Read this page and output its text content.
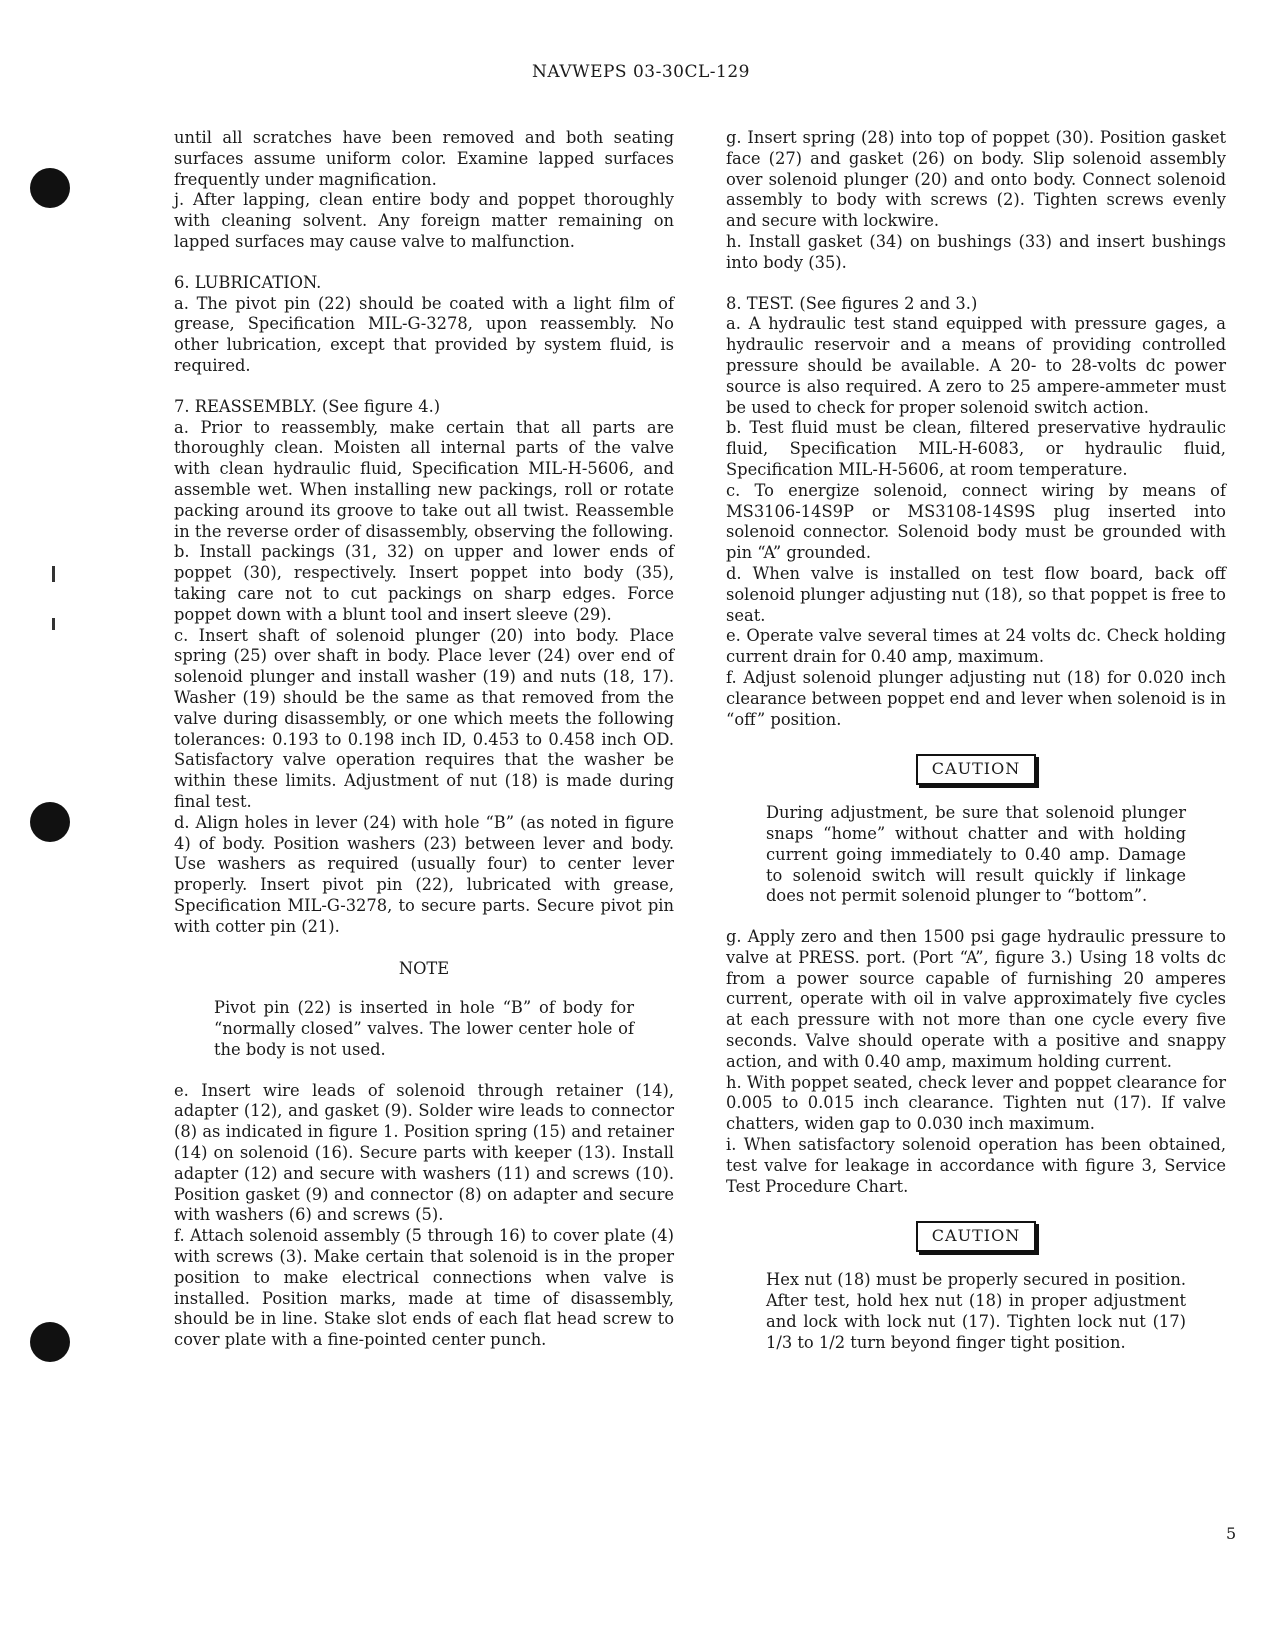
NAVWEPS 03-30CL-129

until all scratches have been removed and both seating surfaces assume uniform color. Examine lapped surfaces frequently under magnification.

j. After lapping, clean entire body and poppet thoroughly with cleaning solvent. Any foreign matter remaining on lapped surfaces may cause valve to malfunction.

6. LUBRICATION.

a. The pivot pin (22) should be coated with a light film of grease, Specification MIL-G-3278, upon reassembly. No other lubrication, except that provided by system fluid, is required.

7. REASSEMBLY. (See figure 4.)

a. Prior to reassembly, make certain that all parts are thoroughly clean. Moisten all internal parts of the valve with clean hydraulic fluid, Specification MIL-H-5606, and assemble wet. When installing new packings, roll or rotate packing around its groove to take out all twist. Reassemble in the reverse order of disassembly, observing the following.

b. Install packings (31, 32) on upper and lower ends of poppet (30), respectively. Insert poppet into body (35), taking care not to cut packings on sharp edges. Force poppet down with a blunt tool and insert sleeve (29).

c. Insert shaft of solenoid plunger (20) into body. Place spring (25) over shaft in body. Place lever (24) over end of solenoid plunger and install washer (19) and nuts (18, 17). Washer (19) should be the same as that removed from the valve during disassembly, or one which meets the following tolerances: 0.193 to 0.198 inch ID, 0.453 to 0.458 inch OD. Satisfactory valve operation requires that the washer be within these limits. Adjustment of nut (18) is made during final test.

d. Align holes in lever (24) with hole “B” (as noted in figure 4) of body. Position washers (23) between lever and body. Use washers as required (usually four) to center lever properly. Insert pivot pin (22), lubricated with grease, Specification MIL-G-3278, to secure parts. Secure pivot pin with cotter pin (21).

NOTE

Pivot pin (22) is inserted in hole “B” of body for “normally closed” valves. The lower center hole of the body is not used.

e. Insert wire leads of solenoid through retainer (14), adapter (12), and gasket (9). Solder wire leads to connector (8) as indicated in figure 1. Position spring (15) and retainer (14) on solenoid (16). Secure parts with keeper (13). Install adapter (12) and secure with washers (11) and screws (10). Position gasket (9) and connector (8) on adapter and secure with washers (6) and screws (5).

f. Attach solenoid assembly (5 through 16) to cover plate (4) with screws (3). Make certain that solenoid is in the proper position to make electrical connections when valve is installed. Position marks, made at time of disassembly, should be in line. Stake slot ends of each flat head screw to cover plate with a fine-pointed center punch.

g. Insert spring (28) into top of poppet (30). Position gasket face (27) and gasket (26) on body. Slip solenoid assembly over solenoid plunger (20) and onto body. Connect solenoid assembly to body with screws (2). Tighten screws evenly and secure with lockwire.

h. Install gasket (34) on bushings (33) and insert bushings into body (35).

8. TEST. (See figures 2 and 3.)

a. A hydraulic test stand equipped with pressure gages, a hydraulic reservoir and a means of providing controlled pressure should be available. A 20- to 28-volts dc power source is also required. A zero to 25 ampere-ammeter must be used to check for proper solenoid switch action.

b. Test fluid must be clean, filtered preservative hydraulic fluid, Specification MIL-H-6083, or hydraulic fluid, Specification MIL-H-5606, at room temperature.

c. To energize solenoid, connect wiring by means of MS3106-14S9P or MS3108-14S9S plug inserted into solenoid connector. Solenoid body must be grounded with pin “A” grounded.

d. When valve is installed on test flow board, back off solenoid plunger adjusting nut (18), so that poppet is free to seat.

e. Operate valve several times at 24 volts dc. Check holding current drain for 0.40 amp, maximum.

f. Adjust solenoid plunger adjusting nut (18) for 0.020 inch clearance between poppet end and lever when solenoid is in “off” position.

CAUTION

During adjustment, be sure that solenoid plunger snaps “home” without chatter and with holding current going immediately to 0.40 amp. Damage to solenoid switch will result quickly if linkage does not permit solenoid plunger to “bottom”.

g. Apply zero and then 1500 psi gage hydraulic pressure to valve at PRESS. port. (Port “A”, figure 3.) Using 18 volts dc from a power source capable of furnishing 20 amperes current, operate with oil in valve approximately five cycles at each pressure with not more than one cycle every five seconds. Valve should operate with a positive and snappy action, and with 0.40 amp, maximum holding current.

h. With poppet seated, check lever and poppet clearance for 0.005 to 0.015 inch clearance. Tighten nut (17). If valve chatters, widen gap to 0.030 inch maximum.

i. When satisfactory solenoid operation has been obtained, test valve for leakage in accordance with figure 3, Service Test Procedure Chart.

CAUTION

Hex nut (18) must be properly secured in position. After test, hold hex nut (18) in proper adjustment and lock with lock nut (17). Tighten lock nut (17) 1/3 to 1/2 turn beyond finger tight position.

5
